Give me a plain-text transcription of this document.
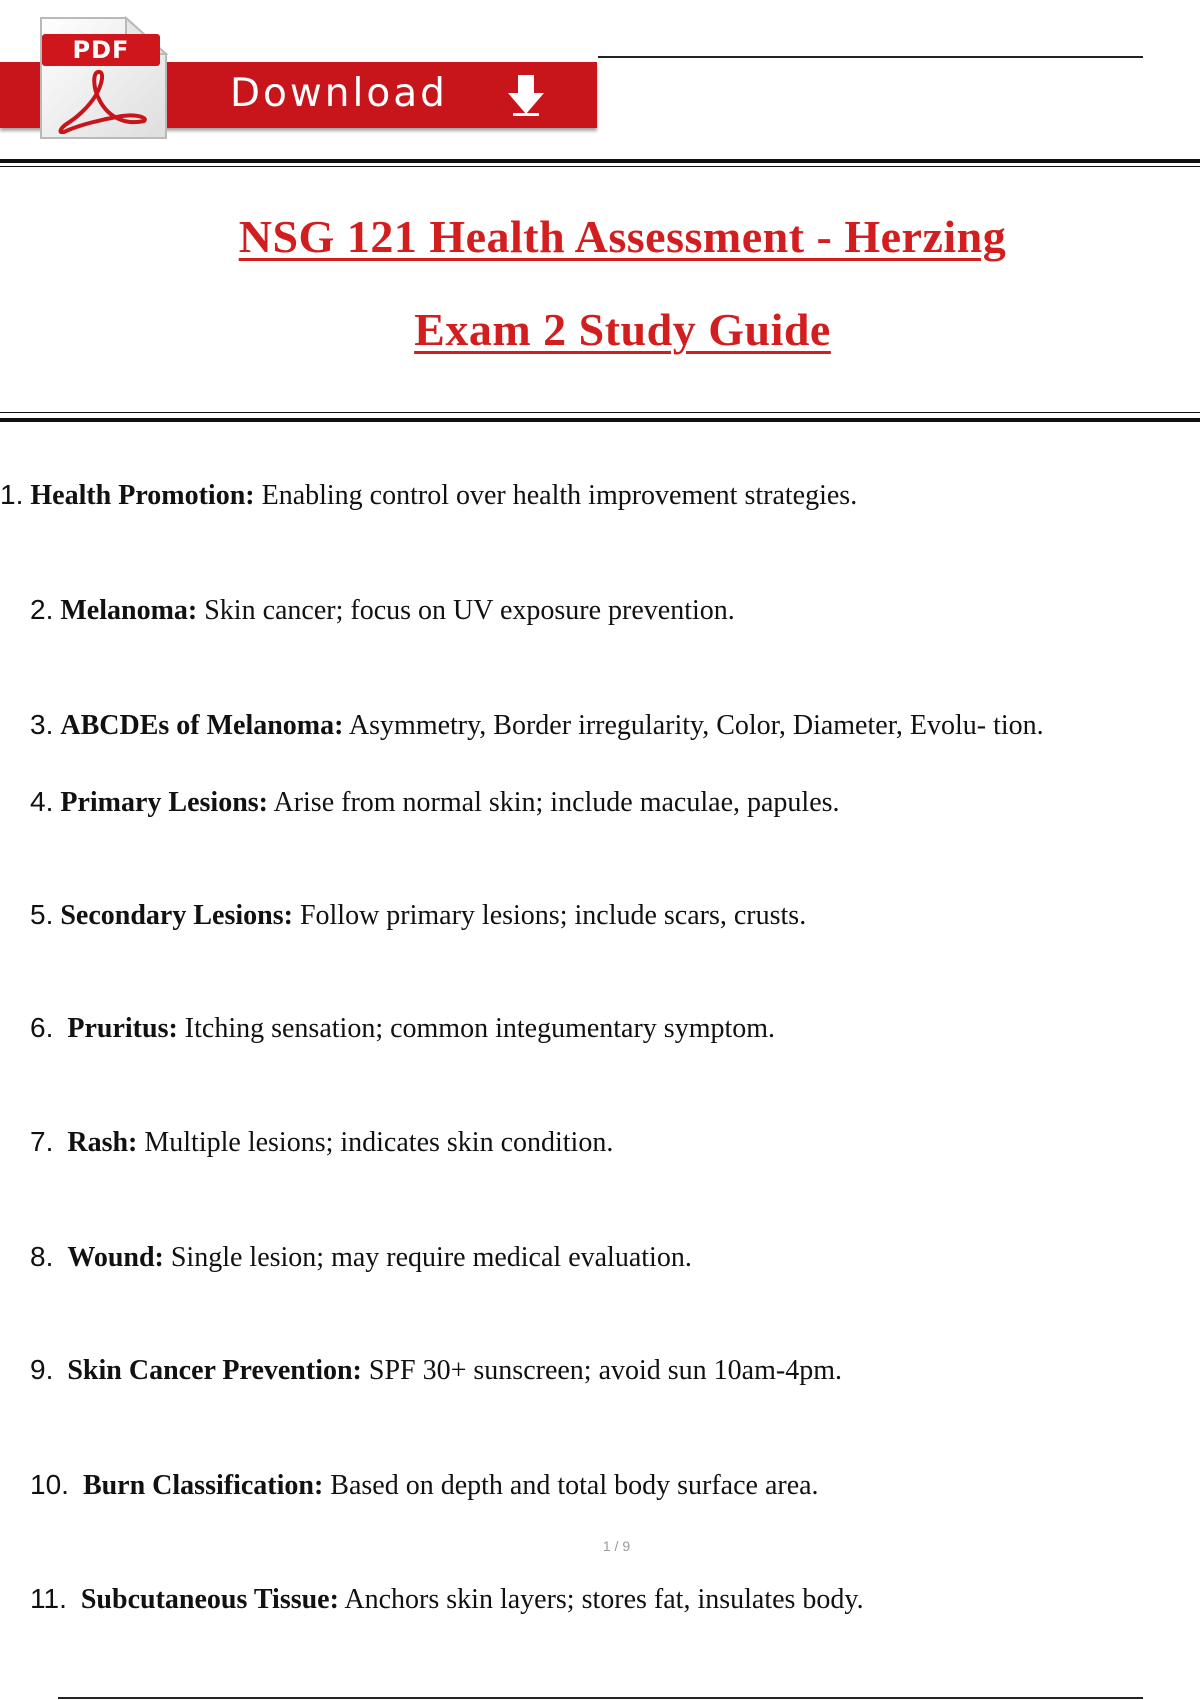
Download
PDF
NSG 121 Health Assessment - Herzing
Exam 2 Study Guide
1. Health Promotion: Enabling control over health improvement strategies.
2. Melanoma: Skin cancer; focus on UV exposure prevention.
3. ABCDEs of Melanoma: Asymmetry, Border irregularity, Color, Diameter, Evolu- tion.
4. Primary Lesions: Arise from normal skin; include maculae, papules.
5. Secondary Lesions: Follow primary lesions; include scars, crusts.
6. Pruritus: Itching sensation; common integumentary symptom.
7. Rash: Multiple lesions; indicates skin condition.
8. Wound: Single lesion; may require medical evaluation.
9. Skin Cancer Prevention: SPF 30+ sunscreen; avoid sun 10am-4pm.
10. Burn Classification: Based on depth and total body surface area.
11. Subcutaneous Tissue: Anchors skin layers; stores fat, insulates body.
1 / 9
